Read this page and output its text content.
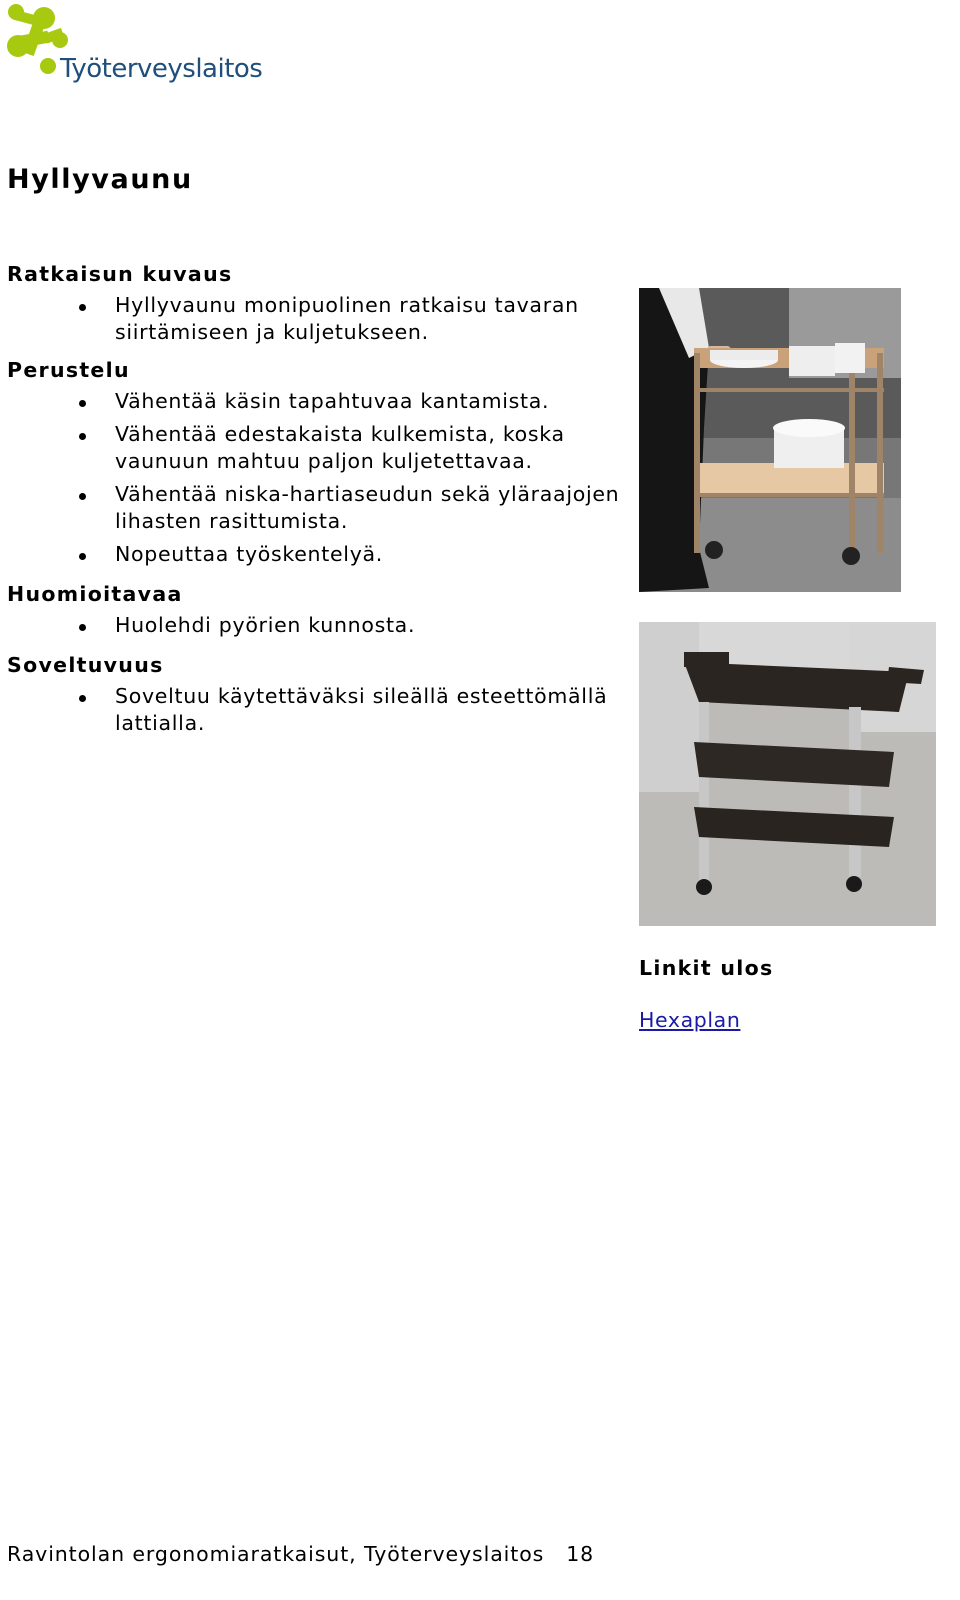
Työterveyslaitos
Hyllyvaunu
Ratkaisun kuvaus
Hyllyvaunu monipuolinen ratkaisu tavaran siirtämiseen ja kuljetukseen.
Perustelu
Vähentää käsin tapahtuvaa kantamista.
Vähentää edestakaista kulkemista, koska vaunuun mahtuu paljon kuljetettavaa.
Vähentää niska-hartiaseudun sekä yläraajojen lihasten rasittumista.
Nopeuttaa työskentelyä.
Huomioitavaa
Huolehdi pyörien kunnosta.
Soveltuvuus
Soveltuu käytettäväksi sileällä esteettömällä lattialla.
Linkit ulos
Hexaplan
Ravintolan ergonomiaratkaisut, Työterveyslaitos 18
